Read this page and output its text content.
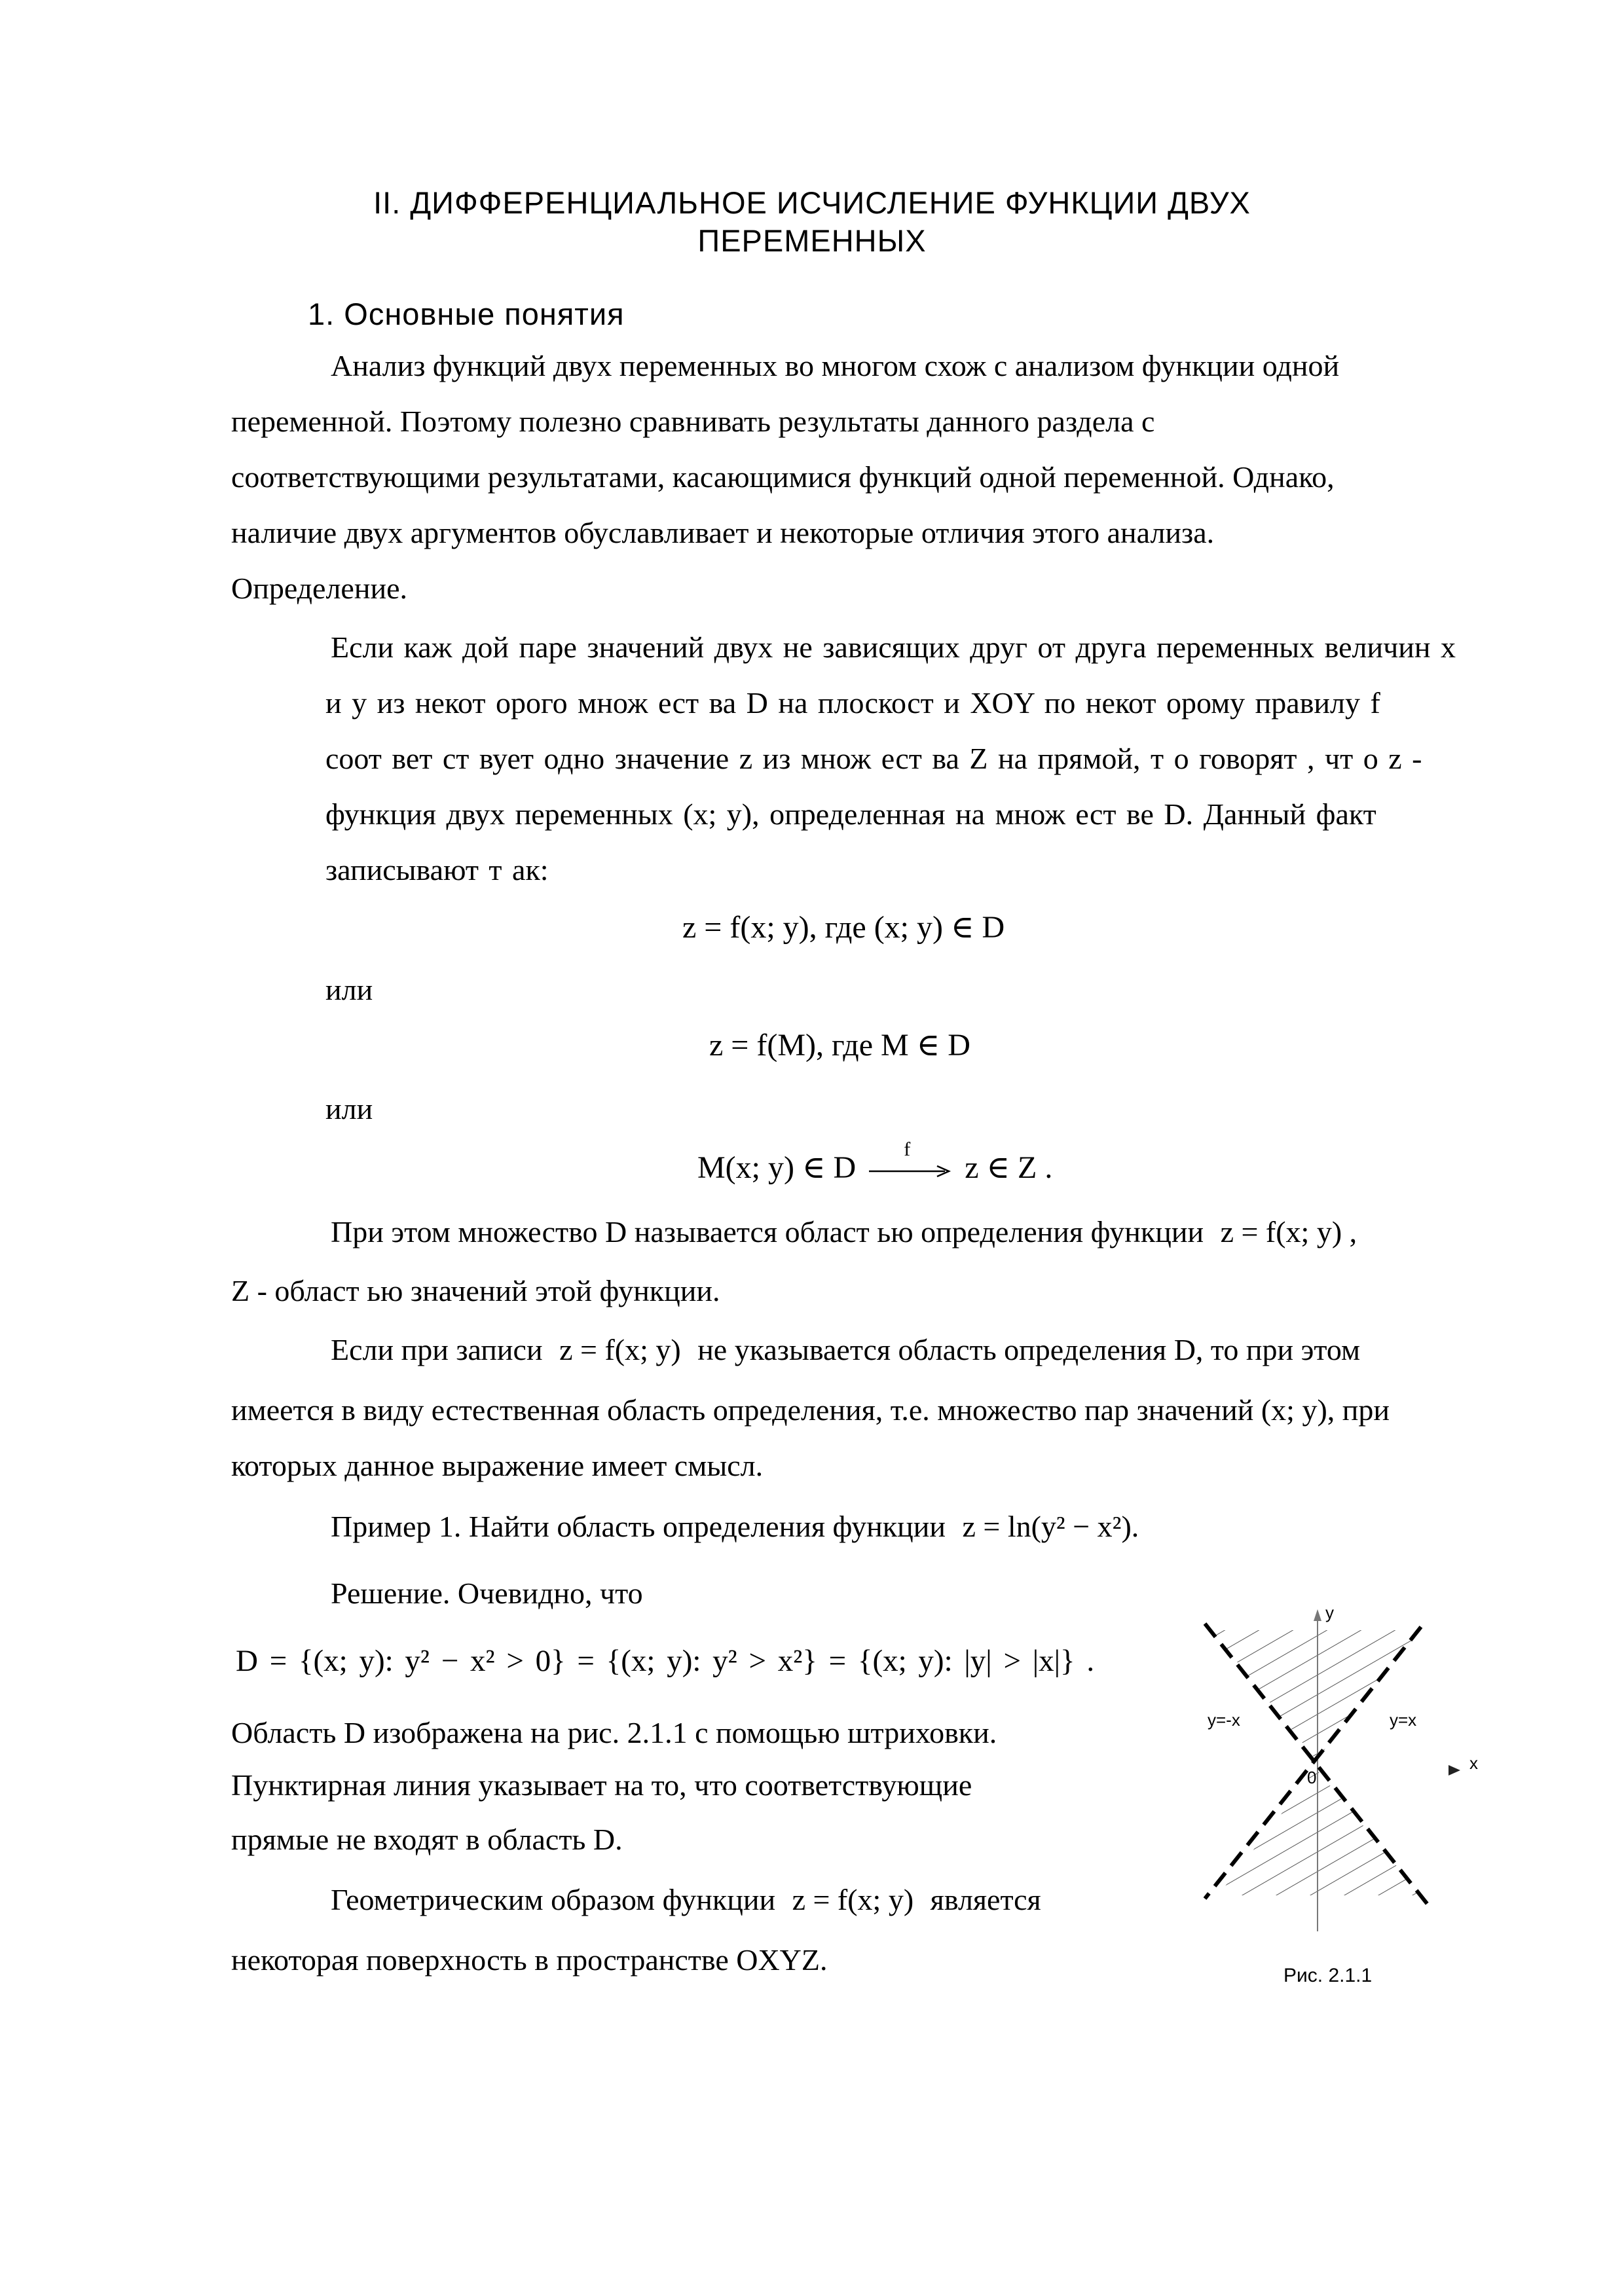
II. ДИФФЕРЕНЦИАЛЬНОЕ ИСЧИСЛЕНИЕ ФУНКЦИИ ДВУХ
ПЕРЕМЕННЫХ
1. Основные понятия
Анализ функций двух переменных во многом схож с анализом функции одной
переменной. Поэтому полезно сравнивать результаты данного раздела с
соответствующими результатами, касающимися функций одной переменной. Однако,
наличие двух аргументов обуславливает и некоторые отличия этого анализа.
Определение.
Если каж дой паре значений двух не зависящих друг от друга переменных величин x
и y из некот орого множ ест ва D на плоскост и XOY по некот орому правилу f
соот вет ст вует одно значение z из множ ест ва Z на прямой, т о говорят , чт о z -
функция двух переменных (x; y), определенная на множ ест ве D. Данный факт
записывают т ак:
z = f(x; y), где (x; y) ∈ D
или
z = f(M), где M ∈ D
или
M(x; y) ∈ D
f
z ∈ Z .
При этом множество D называется област ью определения функции z = f(x; y) ,
Z - област ью значений этой функции.
Если при записи z = f(x; y) не указывается область определения D, то при этом
имеется в виду естественная область определения, т.е. множество пар значений (x; y), при
которых данное выражение имеет смысл.
Пример 1. Найти область определения функции z = ln(y² − x²).
Решение. Очевидно, что
D = {(x; y): y² − x² > 0} = {(x; y): y² > x²} = {(x; y): |y| > |x|} .
Область D изображена на рис. 2.1.1 с помощью штриховки.
Пунктирная линия указывает на то, что соответствующие
прямые не входят в область D.
Геометрическим образом функции z = f(x; y) является
некоторая поверхность в пространстве OXYZ.
y
x
0
y=-x	y=x
Рис. 2.1.1
